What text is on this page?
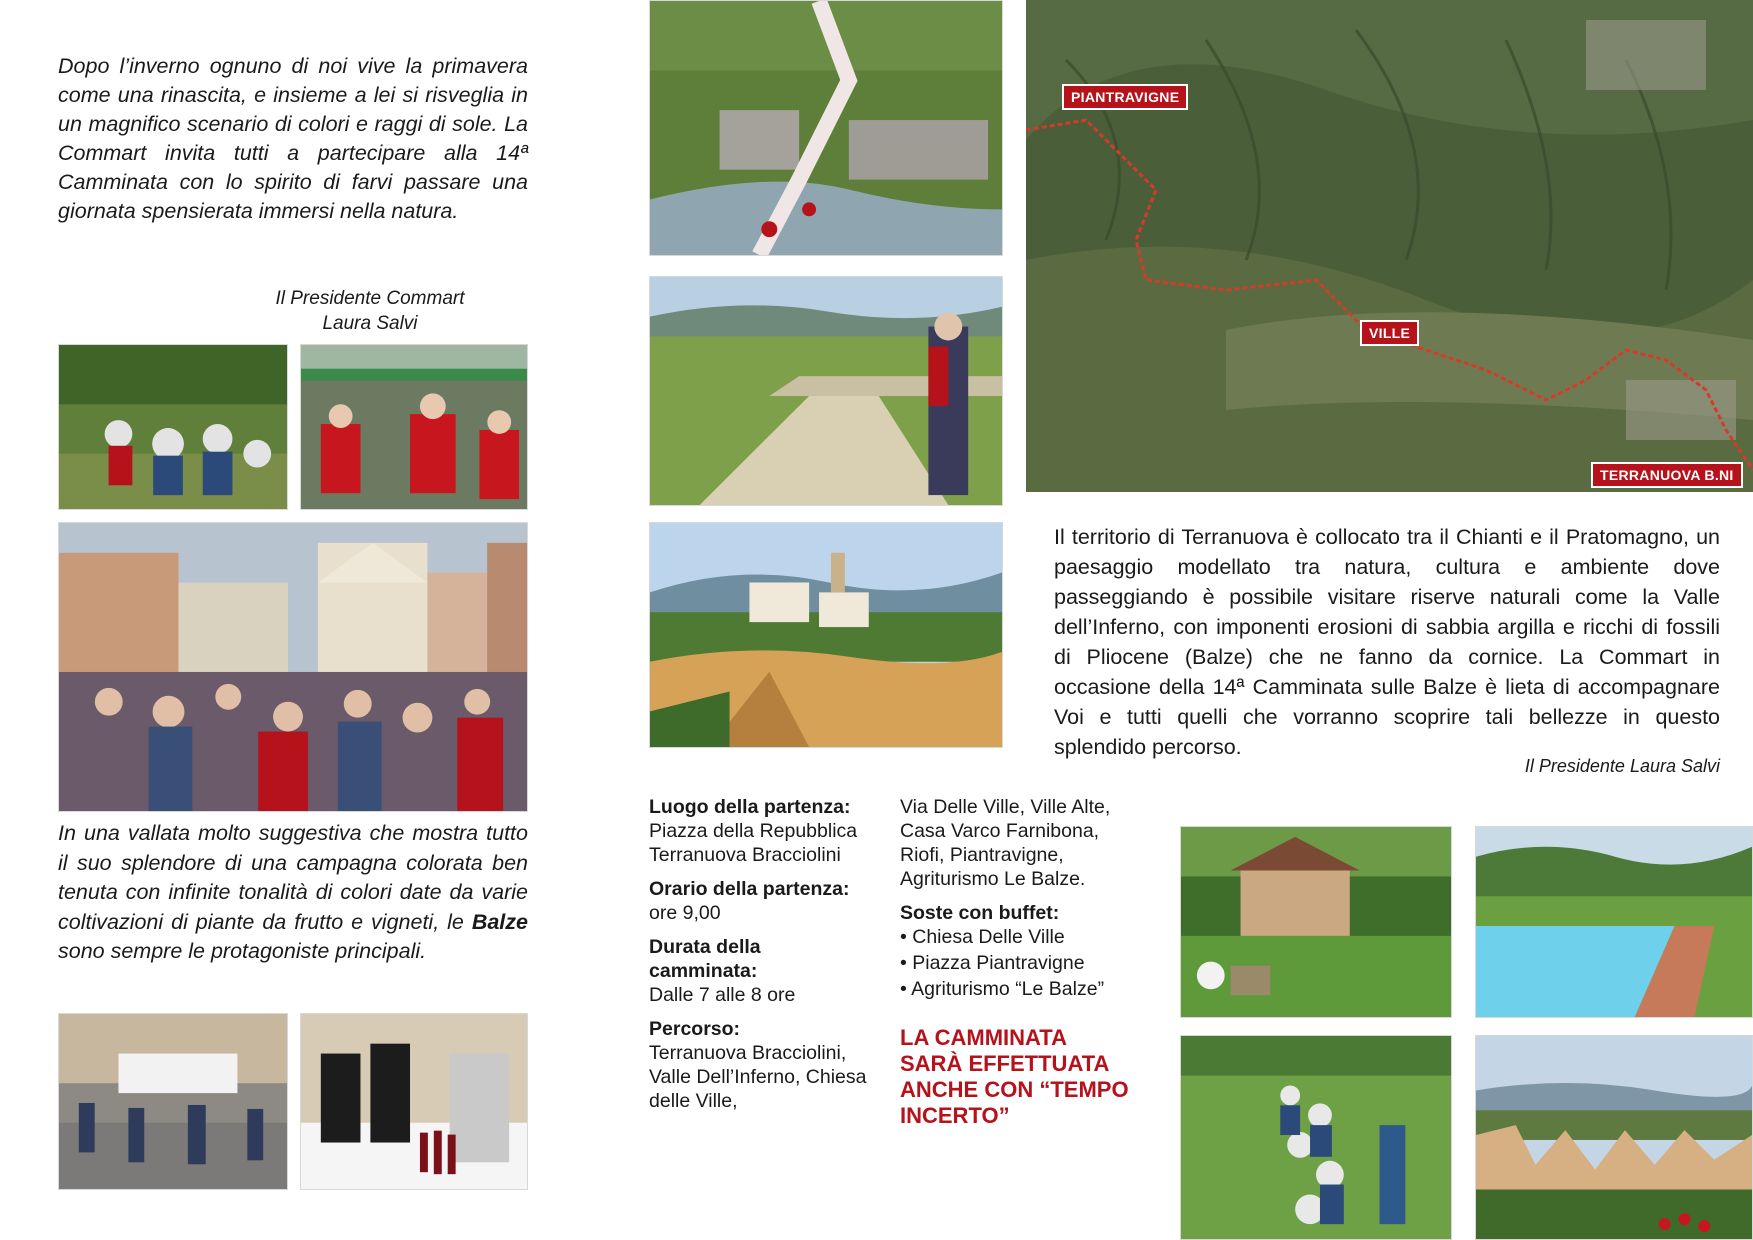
Dopo l’inverno ognuno di noi vive la primavera come una rinascita, e insieme a lei si risveglia in un magnifico scenario di colori e raggi di sole. La Commart invita tutti a partecipare alla 14ª Camminata con lo spirito di farvi passare una giornata spensierata immersi nella natura.

Il Presidente Commart
Laura Salvi

In una vallata molto suggestiva che mostra tutto il suo splendore di una campagna colorata ben tenuta con infinite tonalità di colori date da varie coltivazioni di piante da frutto e vigneti, le Balze sono sempre le protagoniste principali.

Luogo della partenza:
Piazza della Repubblica Terranuova Bracciolini
Orario della partenza:
ore 9,00
Durata della camminata:
Dalle 7 alle 8 ore
Percorso:
Terranuova Bracciolini, Valle Dell’Inferno, Chiesa delle Ville,
Via Delle Ville, Ville Alte, Casa Varco Farnibona, Riofi, Piantravigne, Agriturismo Le Balze.
Soste con buffet:
• Chiesa Delle Ville
• Piazza Piantravigne
• Agriturismo “Le Balze”
LA CAMMINATA SARÀ EFFETTUATA ANCHE CON “TEMPO INCERTO”
PIANTRAVIGNE
VILLE
TERRANUOVA B.NI

Il territorio di Terranuova è collocato tra il Chianti e il Pratomagno, un paesaggio modellato tra natura, cultura e ambiente dove passeggiando è possibile visitare riserve naturali come la Valle dell’Inferno, con imponenti erosioni di sabbia argilla e ricchi di fossili di Pliocene (Balze) che ne fanno da cornice. La Commart in occasione della 14ª Camminata sulle Balze è lieta di accompagnare Voi e tutti quelli che vorranno scoprire tali bellezze in questo splendido percorso.

Il Presidente Laura Salvi
